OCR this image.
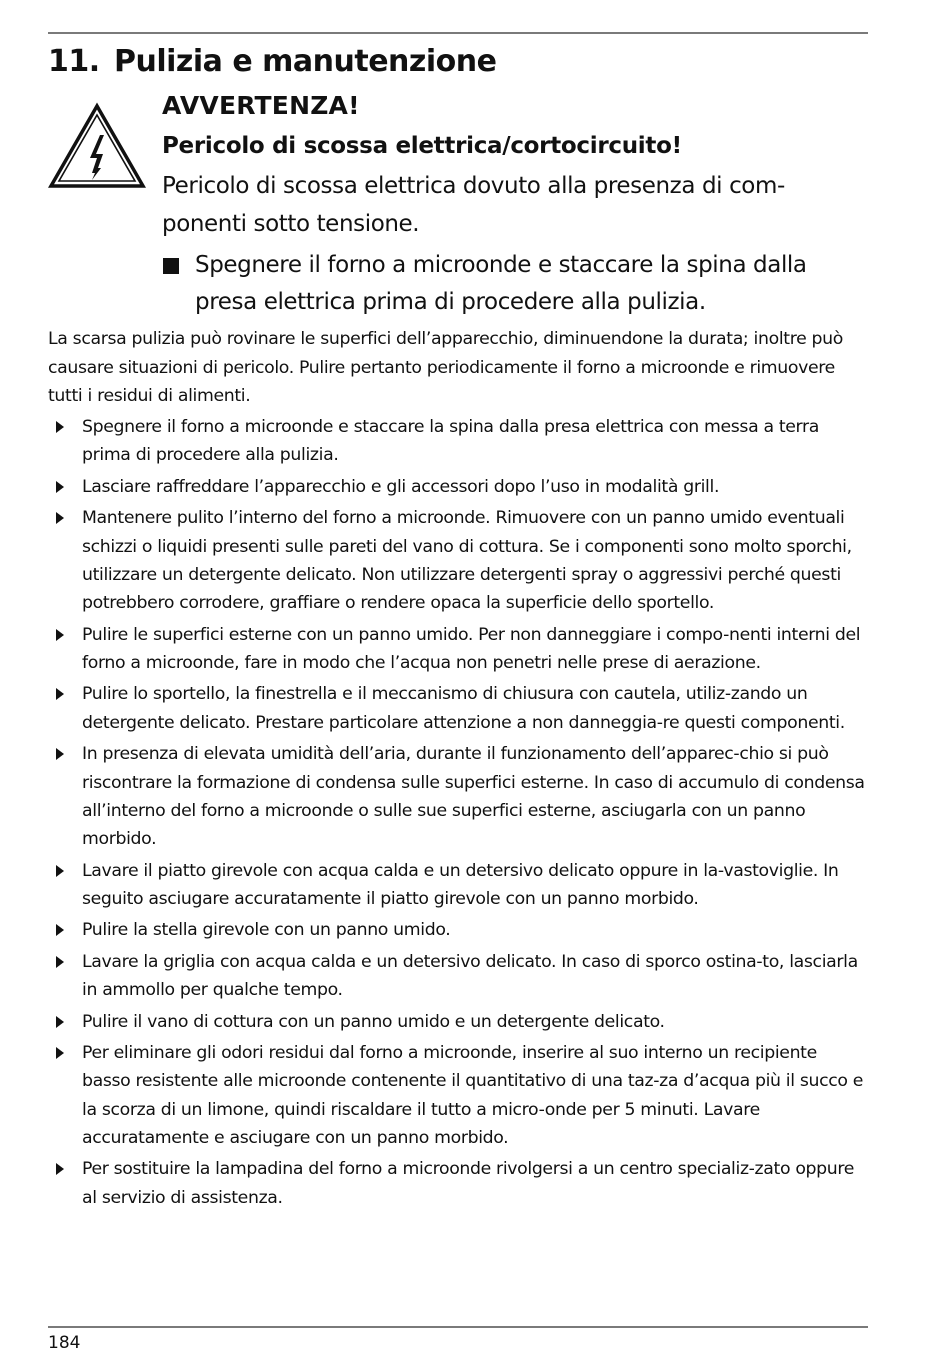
11. Pulizia e manutenzione
AVVERTENZA!
Pericolo di scossa elettrica/cortocircuito!
Pericolo di scossa elettrica dovuto alla presenza di com-
ponenti sotto tensione.
Spegnere il forno a microonde e staccare la spina dalla presa elettrica prima di procedere alla pulizia.

La scarsa pulizia può rovinare le superfici dell’apparecchio, diminuendone la durata; inoltre può causare situazioni di pericolo. Pulire pertanto periodicamente il forno a microonde e rimuovere tutti i residui di alimenti.

Spegnere il forno a microonde e staccare la spina dalla presa elettrica con messa a terra prima di procedere alla pulizia.
Lasciare raffreddare l’apparecchio e gli accessori dopo l’uso in modalità grill.
Mantenere pulito l’interno del forno a microonde. Rimuovere con un panno umido eventuali schizzi o liquidi presenti sulle pareti del vano di cottura. Se i componenti sono molto sporchi, utilizzare un detergente delicato. Non utilizzare detergenti spray o aggressivi perché questi potrebbero corrodere, graffiare o rendere opaca la superficie dello sportello.
Pulire le superfici esterne con un panno umido. Per non danneggiare i compo-nenti interni del forno a microonde, fare in modo che l’acqua non penetri nelle prese di aerazione.
Pulire lo sportello, la finestrella e il meccanismo di chiusura con cautela, utiliz-zando un detergente delicato. Prestare particolare attenzione a non danneggia-re questi componenti.
In presenza di elevata umidità dell’aria, durante il funzionamento dell’apparec-chio si può riscontrare la formazione di condensa sulle superfici esterne. In caso di accumulo di condensa all’interno del forno a microonde o sulle sue superfici esterne, asciugarla con un panno morbido.
Lavare il piatto girevole con acqua calda e un detersivo delicato oppure in la-vastoviglie. In seguito asciugare accuratamente il piatto girevole con un panno morbido.
Pulire la stella girevole con un panno umido.
Lavare la griglia con acqua calda e un detersivo delicato. In caso di sporco ostina-to, lasciarla in ammollo per qualche tempo.
Pulire il vano di cottura con un panno umido e un detergente delicato.
Per eliminare gli odori residui dal forno a microonde, inserire al suo interno un recipiente basso resistente alle microonde contenente il quantitativo di una taz-za d’acqua più il succo e la scorza di un limone, quindi riscaldare il tutto a micro-onde per 5 minuti. Lavare accuratamente e asciugare con un panno morbido.
Per sostituire la lampadina del forno a microonde rivolgersi a un centro specializ-zato oppure al servizio di assistenza.
184
